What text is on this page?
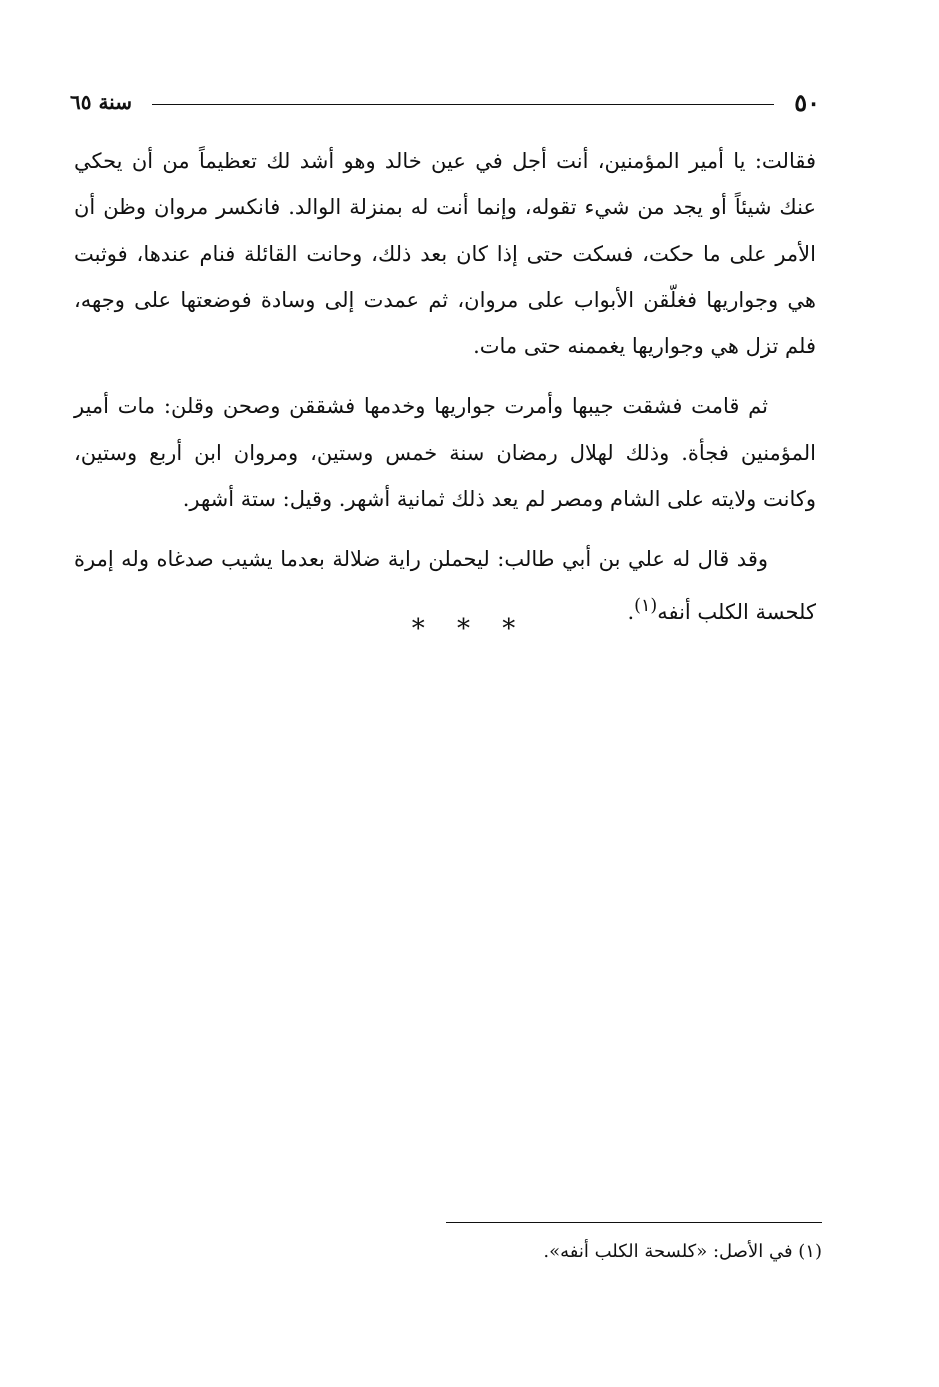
٥٠
سنة ٦٥

فقالت: يا أمير المؤمنين، أنت أجل في عين خالد وهو أشد لك تعظيماً من أن يحكي عنك شيئاً أو يجد من شيء تقوله، وإنما أنت له بمنزلة الوالد. فانكسر مروان وظن أن الأمر على ما حكت، فسكت حتى إذا كان بعد ذلك، وحانت القائلة فنام عندها، فوثبت هي وجواريها فغلّقن الأبواب على مروان، ثم عمدت إلى وسادة فوضعتها على وجهه، فلم تزل هي وجواريها يغممنه حتى مات.

ثم قامت فشقت جيبها وأمرت جواريها وخدمها فشققن وصحن وقلن: مات أمير المؤمنين فجأة. وذلك لهلال رمضان سنة خمس وستين، ومروان ابن أربع وستين، وكانت ولايته على الشام ومصر لم يعد ذلك ثمانية أشهر. وقيل: ستة أشهر.

وقد قال له علي بن أبي طالب: ليحملن راية ضلالة بعدما يشيب صدغاه وله إمرة كلحسة الكلب أنفه$^{(١)}$.

* * *
(١) في الأصل: «كلسحة الكلب أنفه».
